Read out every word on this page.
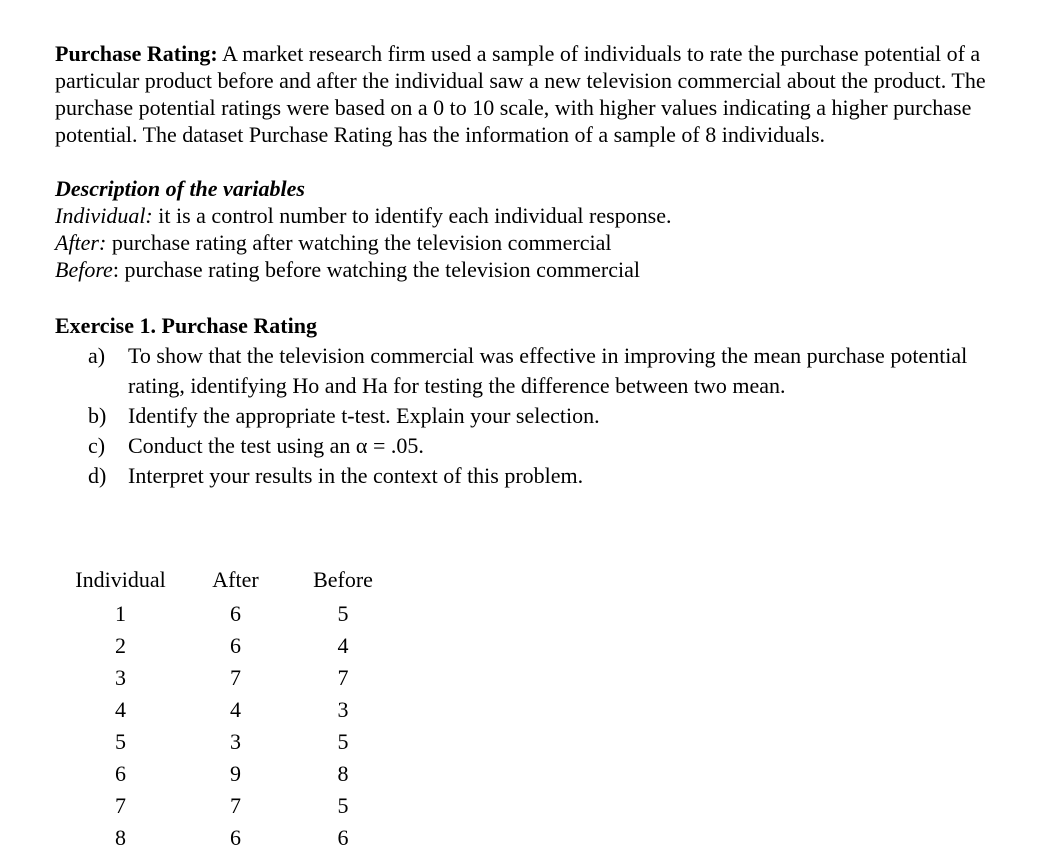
Purchase Rating: A market research firm used a sample of individuals to rate the purchase potential of a particular product before and after the individual saw a new television commercial about the product. The purchase potential ratings were based on a 0 to 10 scale, with higher values indicating a higher purchase potential. The dataset Purchase Rating has the information of a sample of 8 individuals.

Description of the variables
Individual: it is a control number to identify each individual response.
After: purchase rating after watching the television commercial
Before: purchase rating before watching the television commercial
Exercise 1. Purchase Rating
a)	To show that the television commercial was effective in improving the mean purchase potential rating, identifying Ho and Ha for testing the difference between two mean.
b) Identify the appropriate t-test. Explain your selection.
c)	Conduct the test using an α = .05.
d) Interpret your results in the context of this problem.
Individual	After	Before
1	6	5
2	6	4
3	7	7
4	4	3
5	3	5
6	9	8
7	7	5
8	6	6
